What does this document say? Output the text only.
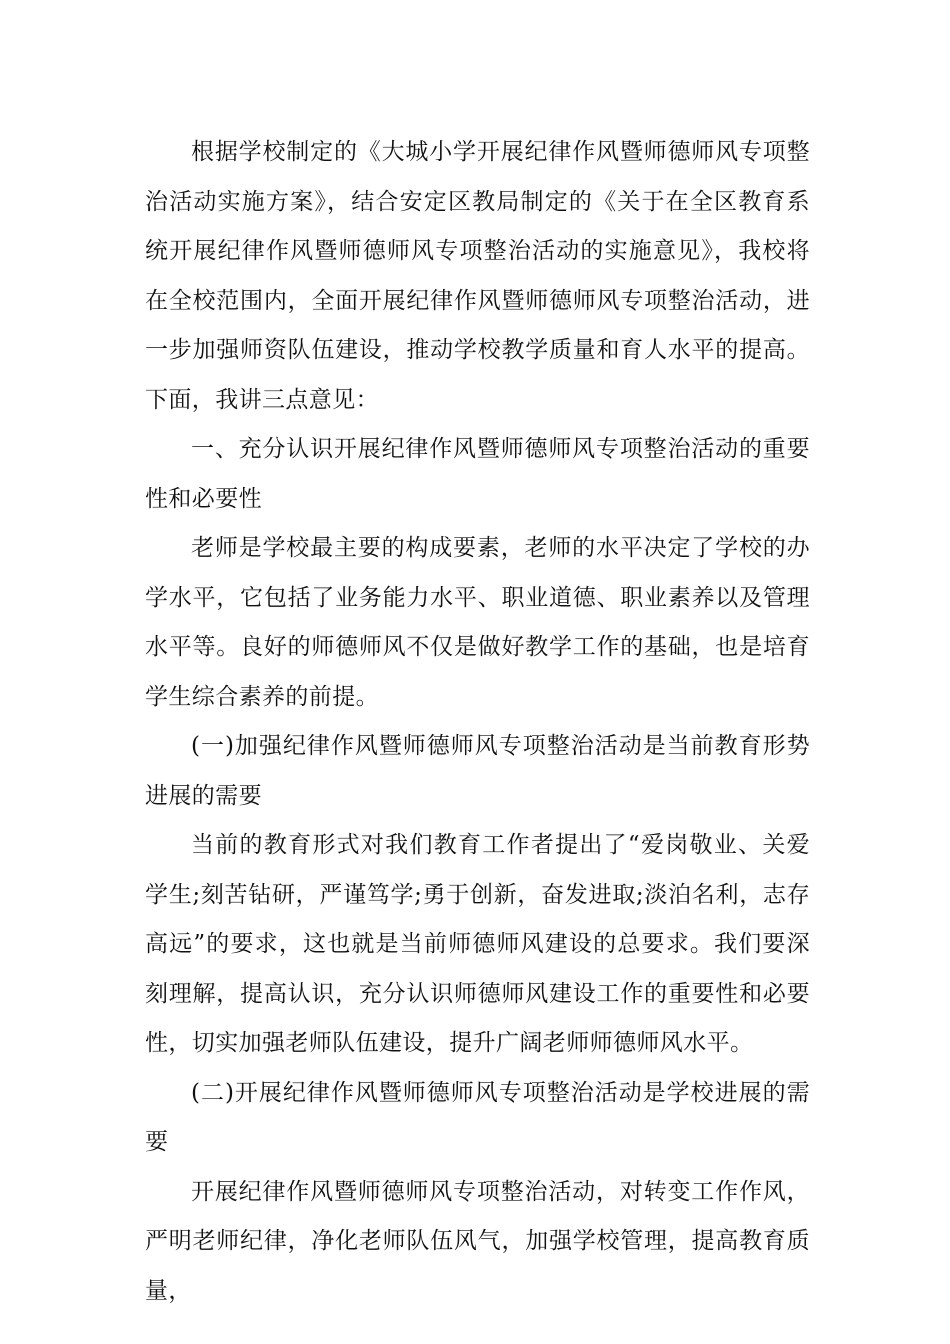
根据学校制定的《大城小学开展纪律作风暨师德师风专项整治活动实施方案》，结合安定区教局制定的《关于在全区教育系统开展纪律作风暨师德师风专项整治活动的实施意见》，我校将在全校范围内，全面开展纪律作风暨师德师风专项整治活动，进一步加强师资队伍建设，推动学校教学质量和育人水平的提高。下面，我讲三点意见：

一、充分认识开展纪律作风暨师德师风专项整治活动的重要性和必要性

老师是学校最主要的构成要素，老师的水平决定了学校的办学水平，它包括了业务能力水平、职业道德、职业素养以及管理水平等。良好的师德师风不仅是做好教学工作的基础，也是培育学生综合素养的前提。

(一)加强纪律作风暨师德师风专项整治活动是当前教育形势进展的需要

当前的教育形式对我们教育工作者提出了“爱岗敬业、关爱学生;刻苦钻研，严谨笃学;勇于创新，奋发进取;淡泊名利，志存高远”的要求，这也就是当前师德师风建设的总要求。我们要深刻理解，提高认识，充分认识师德师风建设工作的重要性和必要性，切实加强老师队伍建设，提升广阔老师师德师风水平。

(二)开展纪律作风暨师德师风专项整治活动是学校进展的需要

开展纪律作风暨师德师风专项整治活动，对转变工作作风，严明老师纪律，净化老师队伍风气，加强学校管理，提高教育质量，
